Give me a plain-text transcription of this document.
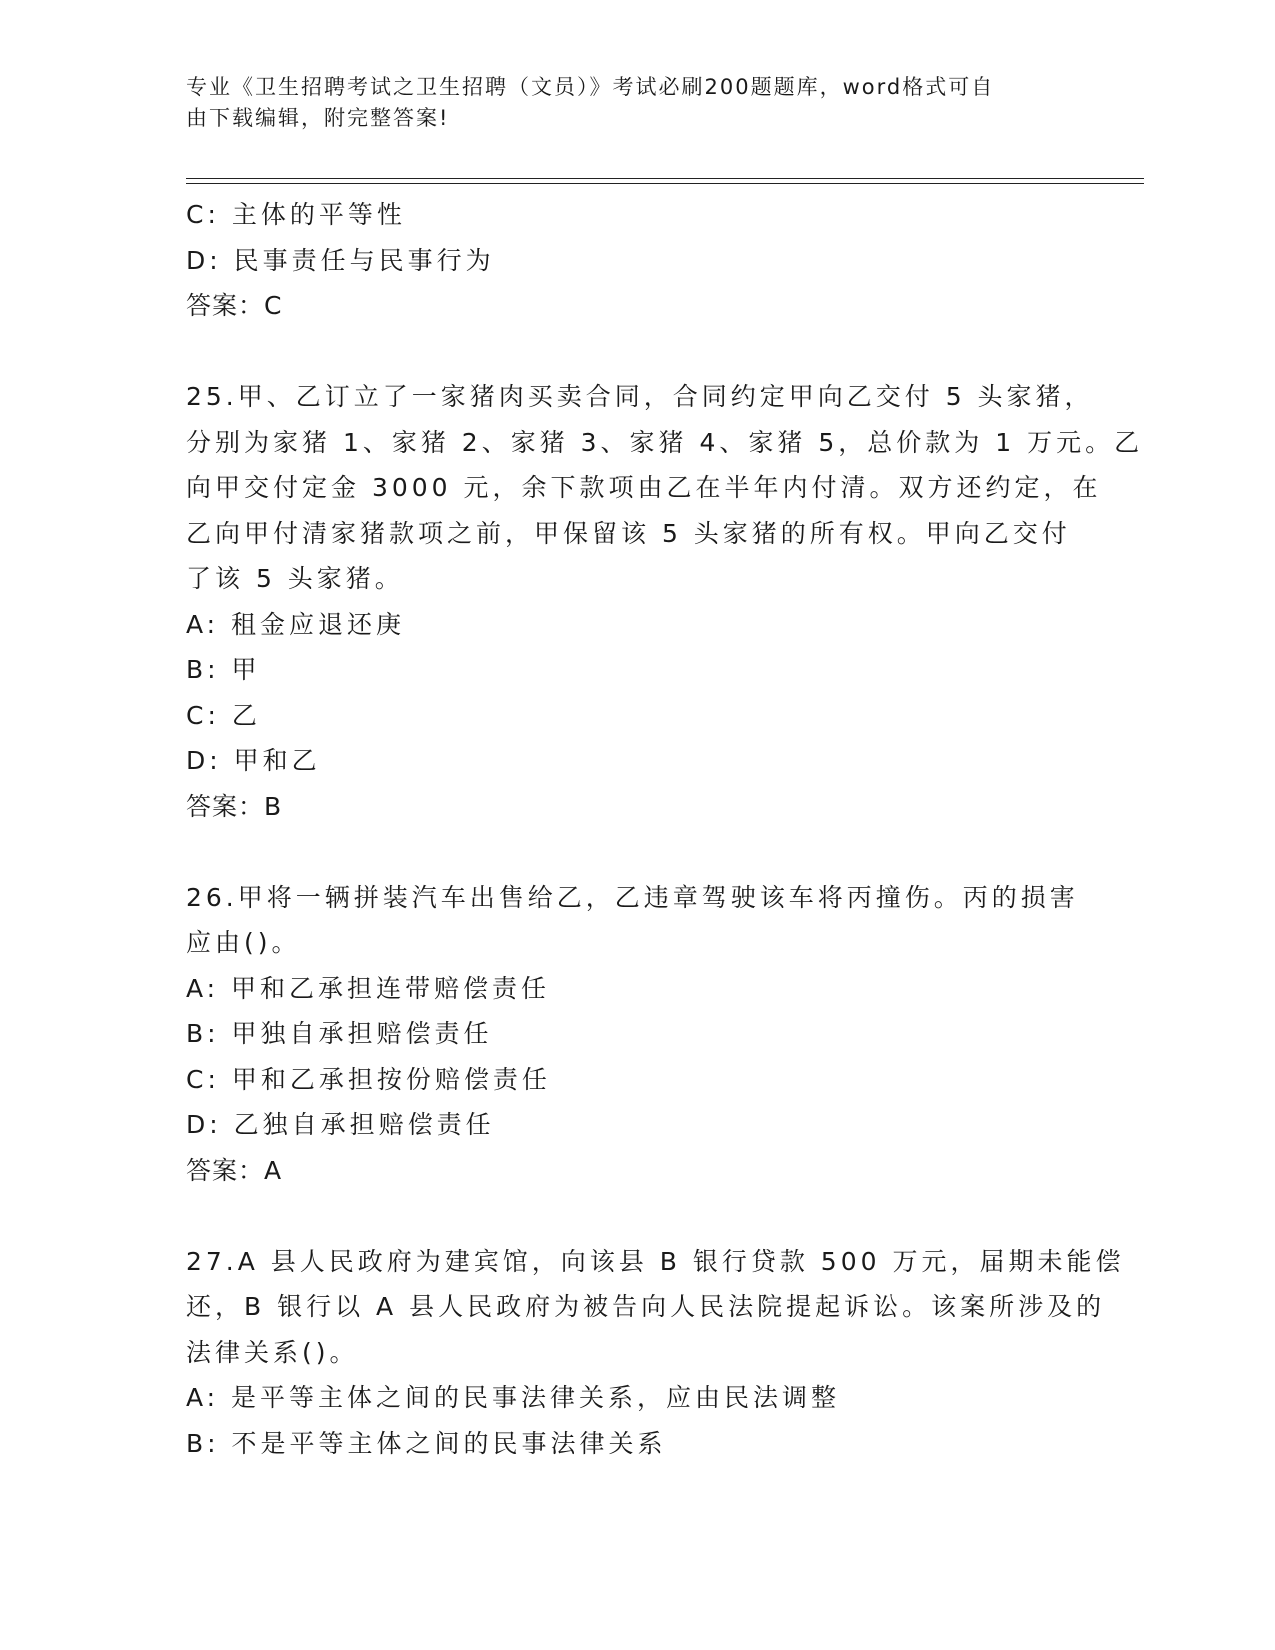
专业《卫生招聘考试之卫生招聘（文员）》考试必刷200题题库，word格式可自
由下载编辑，附完整答案!
C: 主体的平等性
D: 民事责任与民事行为
答案：C
25.甲、乙订立了一家猪肉买卖合同，合同约定甲向乙交付 5 头家猪，
分别为家猪 1、家猪 2、家猪 3、家猪 4、家猪 5，总价款为 1 万元。乙
向甲交付定金 3000 元，余下款项由乙在半年内付清。双方还约定，在
乙向甲付清家猪款项之前，甲保留该 5 头家猪的所有权。甲向乙交付
了该 5 头家猪。
A: 租金应退还庚
B: 甲
C: 乙
D: 甲和乙
答案：B
26.甲将一辆拼装汽车出售给乙，乙违章驾驶该车将丙撞伤。丙的损害
应由()。
A: 甲和乙承担连带赔偿责任
B: 甲独自承担赔偿责任
C: 甲和乙承担按份赔偿责任
D: 乙独自承担赔偿责任
答案：A
27.A 县人民政府为建宾馆，向该县 B 银行贷款 500 万元，届期未能偿
还，B 银行以 A 县人民政府为被告向人民法院提起诉讼。该案所涉及的
法律关系()。
A: 是平等主体之间的民事法律关系，应由民法调整
B: 不是平等主体之间的民事法律关系
